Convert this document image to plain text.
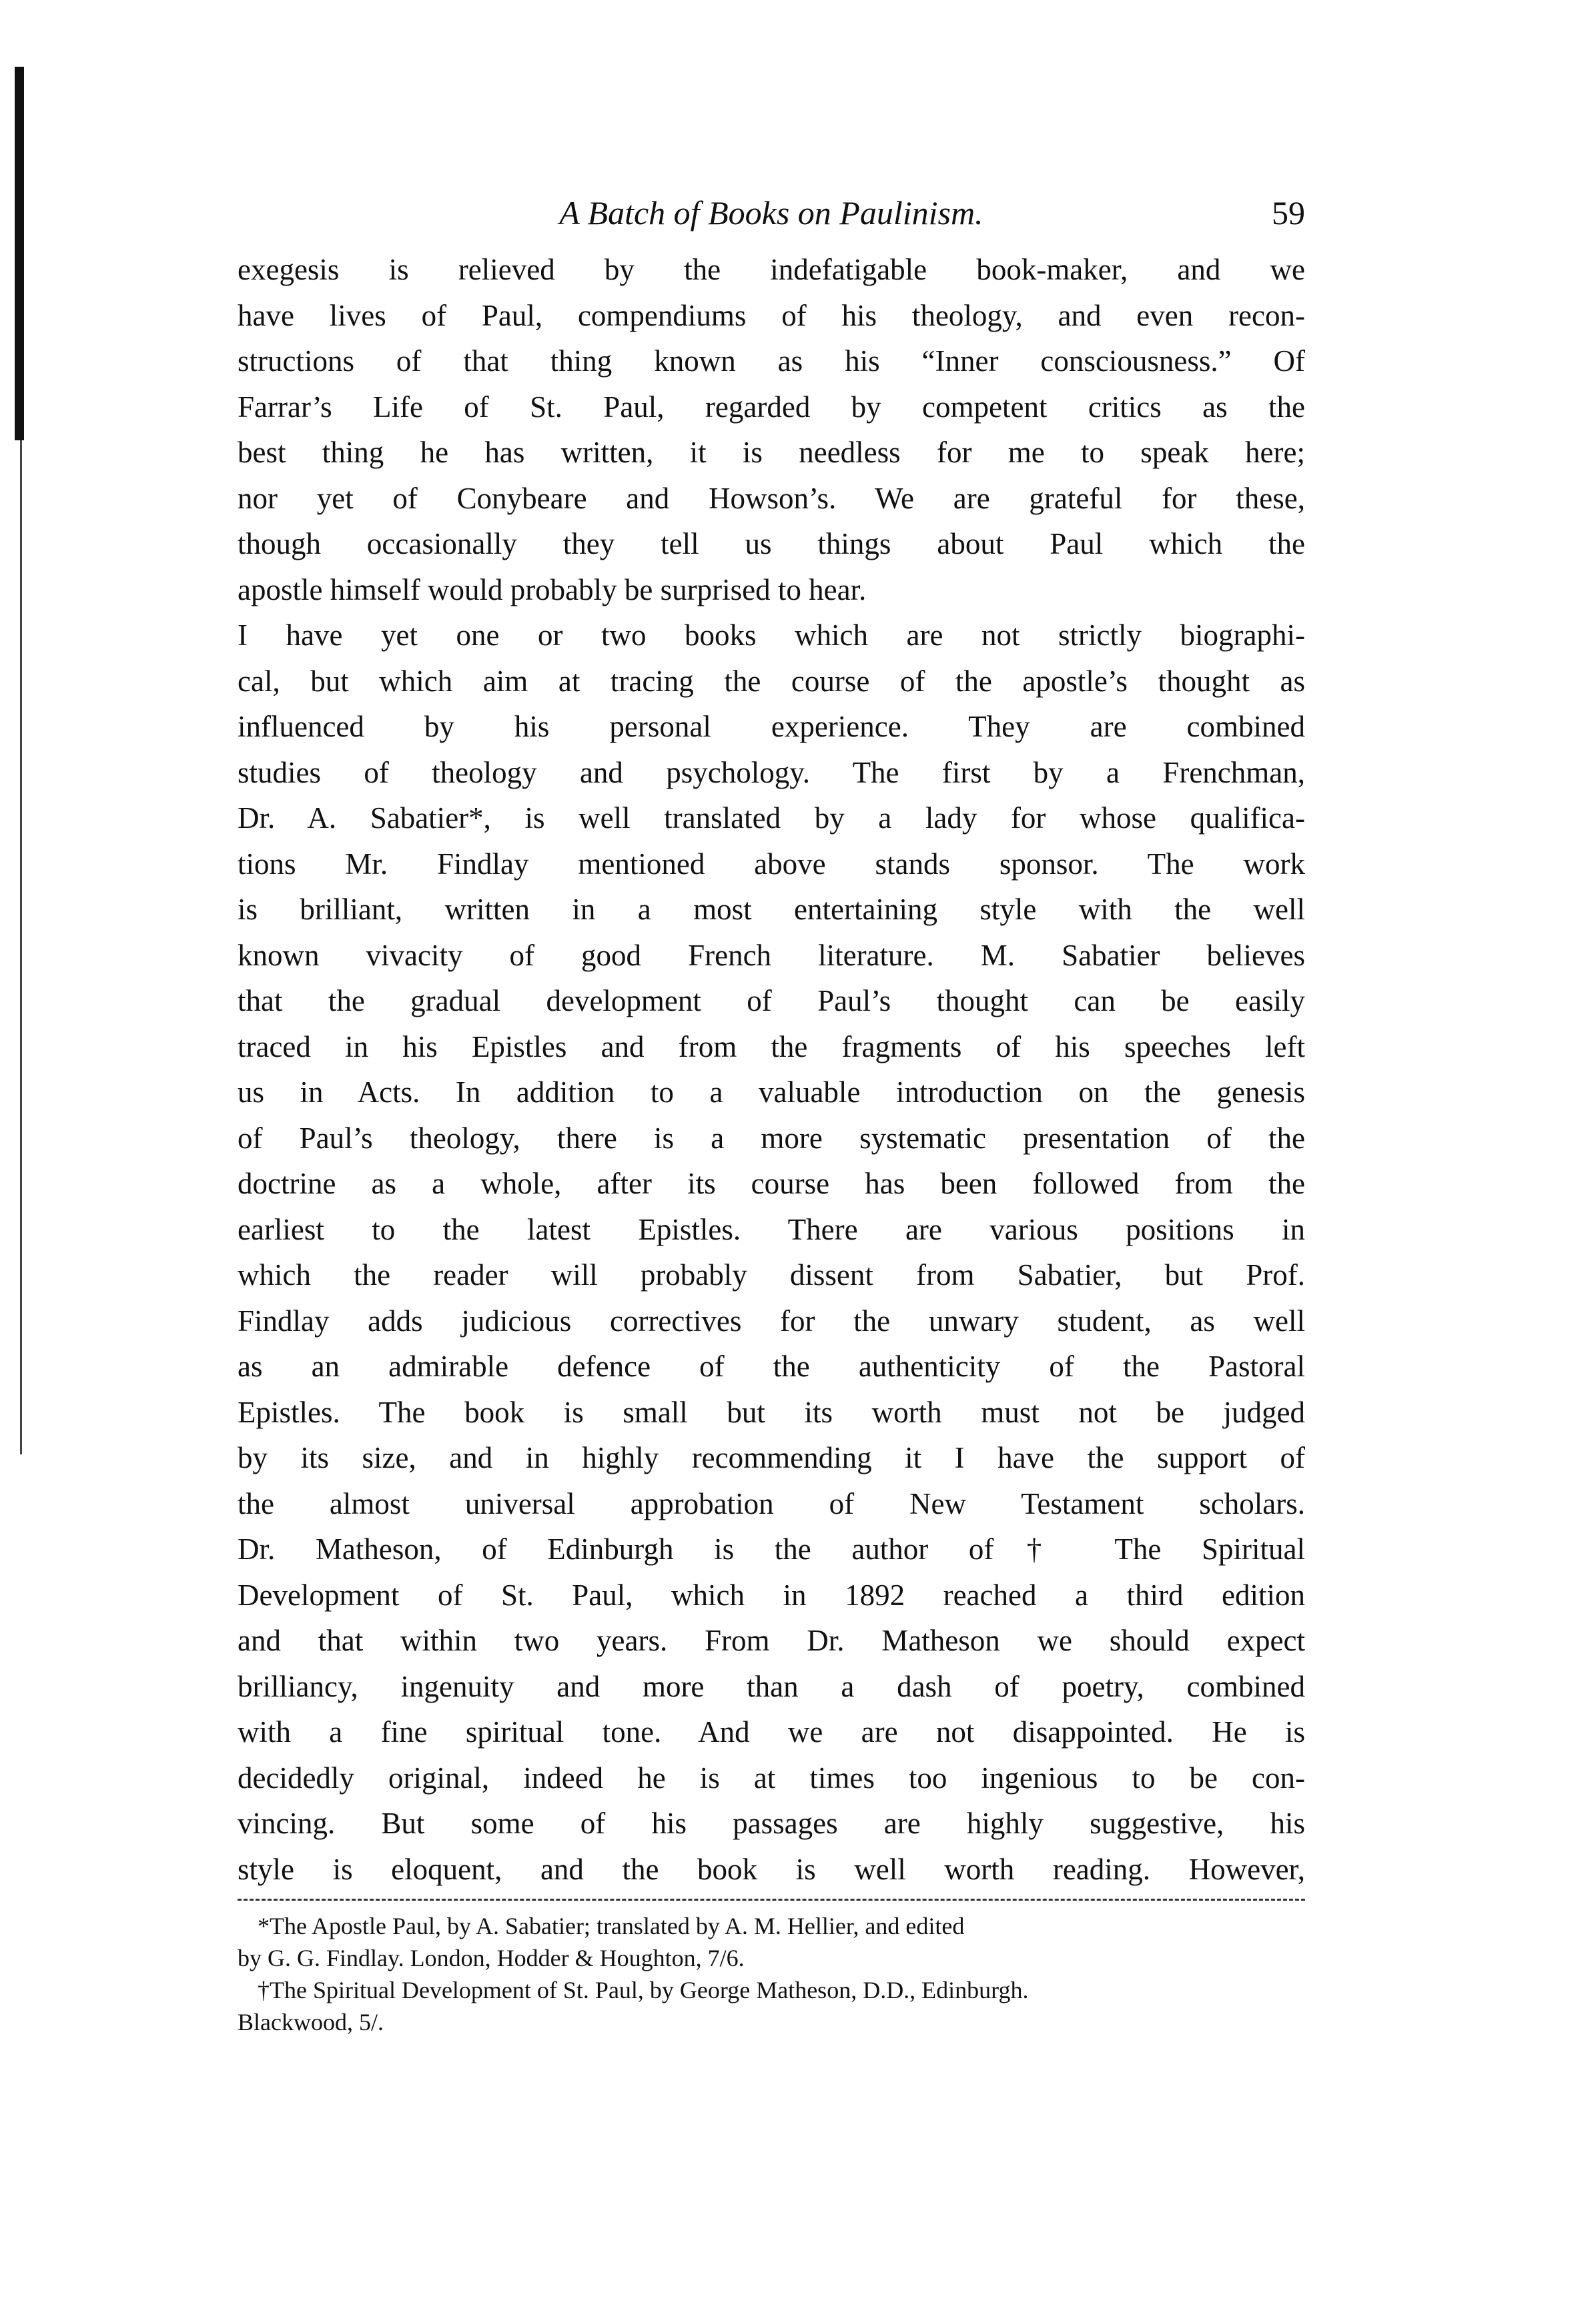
A Batch of Books on Paulinism.	59

exegesis is relieved by the indefatigable book-maker, and we

have lives of Paul, compendiums of his theology, and even recon-

structions of that thing known as his “Inner consciousness.” Of

Farrar’s Life of St. Paul, regarded by competent critics as the

best thing he has written, it is needless for me to speak here;

nor yet of Conybeare and Howson’s. We are grateful for these,

though occasionally they tell us things about Paul which the

apostle himself would probably be surprised to hear.

I have yet one or two books which are not strictly biographi-

cal, but which aim at tracing the course of the apostle’s thought as

influenced by his personal experience. They are combined

studies of theology and psychology. The first by a Frenchman,

Dr. A. Sabatier*, is well translated by a lady for whose qualifica-

tions Mr. Findlay mentioned above stands sponsor. The work

is brilliant, written in a most entertaining style with the well

known vivacity of good French literature. M. Sabatier believes

that the gradual development of Paul’s thought can be easily

traced in his Epistles and from the fragments of his speeches left

us in Acts. In addition to a valuable introduction on the genesis

of Paul’s theology, there is a more systematic presentation of the

doctrine as a whole, after its course has been followed from the

earliest to the latest Epistles. There are various positions in

which the reader will probably dissent from Sabatier, but Prof.

Findlay adds judicious correctives for the unwary student, as well

as an admirable defence of the authenticity of the Pastoral

Epistles. The book is small but its worth must not be judged

by its size, and in highly recommending it I have the support of

the almost universal approbation of New Testament scholars.

Dr. Matheson, of Edinburgh is the author of† The Spiritual

Development of St. Paul, which in 1892 reached a third edition

and that within two years. From Dr. Matheson we should expect

brilliancy, ingenuity and more than a dash of poetry, combined

with a fine spiritual tone. And we are not disappointed. He is

decidedly original, indeed he is at times too ingenious to be con-

vincing. But some of his passages are highly suggestive, his

style is eloquent, and the book is well worth reading. However,

*The Apostle Paul, by A. Sabatier; translated by A. M. Hellier, and edited

by G. G. Findlay. London, Hodder & Houghton, 7/6.

†The Spiritual Development of St. Paul, by George Matheson, D.D., Edinburgh.

Blackwood, 5/.
